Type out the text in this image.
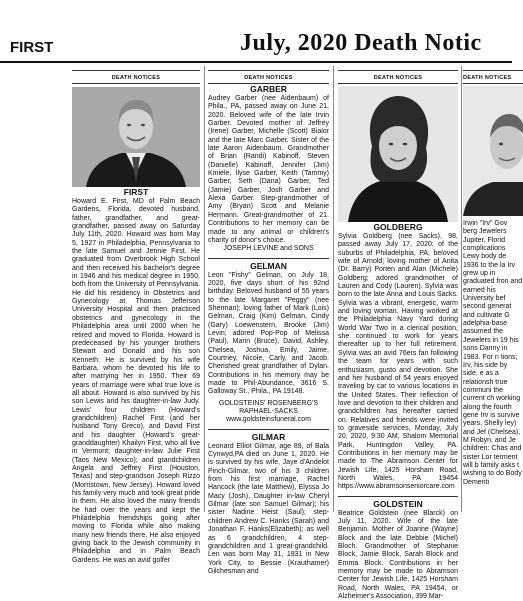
FIRST	July, 2020 Death Notic
DEATH NOTICES
FIRST

Howard E. First, MD of Palm Beach Gardens, Florida, devoted husband, father, grandfather, and great-grandfather, passed away on Saturday July 11th, 2020. Howard was born May 5, 1927 in Philadelphia, Pennsylvania to the late Samuel and Jennie First. He graduated from Overbrook High School and then received his bachelor's degree in 1946 and his medical degree in 1950, both from the University of Pennsylvania. He did his residency in Obstetrics and Gynecology at Thomas Jefferson University Hospital and then practiced obstetrics and gynecology in the Philadelphia area until 2000 when he retired and moved to Florida. Howard is predeceased by his younger brothers Stewart and Donald and his son Kenneth. He is survived by his wife Barbara, whom he devoted his life to after marrying her in 1950. Their 69 years of marriage were what true love is all about. Howard is also survived by his son Lewis and his daughter-in-law Judy. Lewis' four children (Howard's grandchildren) Rachel First (and her husband Tony Greco), and David First and his daughter (Howard's great-granddaughter) Khailyn First, who all live in Vermont; daughter-in-law Julie First (Taos New Mexico); and grandchildren Angela and Jeffrey First (Houston, Texas) and step-grandson Joseph Rizzo (Morristown, New Jersey). Howard loved his family very much and took great pride in them. He also loved the many friends he had over the years and kept the Philadelphia friendships going after moving to Florida while also making many new friends there. He also enjoyed giving back to the Jewish community in Philadelphia and in Palm Beach Gardens. He was an avid golfer

DEATH NOTICES
GARBER

Audrey Garber (nee Aidenbaum) of Phila., PA, passed away on June 21, 2020. Beloved wife of the late Irvin Garber. Devoted mother of Jeffrey (Irene) Garber, Michelle (Scott) Bialor and the late Marc Garber. Sister of the late Aaron Aidenbaum. Grandmother of Brian (Randi) Kabinoff, Steven (Danielle) Kabinoff, Jennifer (Jim) Kmiele, Ilyse Garber, Keith (Tammy) Garber, Seth (Dana) Garber, Ted (Jamie) Garber, Josh Garber and Alexa Garber. Step-grandmother of Amy (Bryan) Scott and Melanie Hermann. Great-grandmother of 21. Contributions to her memory can be made to any animal or children's charity of donor's choice.

JOSEPH LEVINE and SONS

GELMAN

Leon "Fishy" Gelman, on July 18, 2020, five days short of his 92nd birthday. Beloved husband of 55 years to the late Margaret "Peggy" (nee Sherman); loving father of Mark (Lois) Gelman, Craig (Kim) Gelman, Cindy (Gary) Loewenstern, Brooke (Jim) Levin; adored Pop-Pop of Melissa (Paul), Marin (Bruce), David, Ashley, Chelsea, Joshua, Emily, Jaime, Courtney, Nicole, Carly, and Jacob. Cherished great grandfather of Dylan. Contributions in his memory may be made to Phil-Abundance, 3616 S. Galloway St., Phila., PA 19148.

GOLDSTEINS' ROSENBERG'S
RAPHAEL-SACKS
www.goldsteinsfuneral.com

GILMAR

Leonard Elliot Gilmar, age 89, of Bala Cynwyd,PA died on June 1, 2020. He is survived by his wife, Jaye d'Andelot Pinch-Gilmar, two of his 3 children from his first marriage, Rachel Hancock (the late Matthew), Elyssa Jo Macy (Josh), Daughter in-law Cheryl Gilmar (late son Samuel Gilmar); his sister Nadine Heist (Saul); step-children Andrew C. Hanks (Sarah) and Jonathan F. Hanks(Elizabeth); as well as 6 grandchildren, 4 step-grandchildren and 1 great-grandchild. Len was born May 31, 1931 in New York City, to Bessie (Krauthamer) Gilchesman and

DEATH NOTICES
GOLDBERG

Sylvia Goldberg (nee Sacks), 98, passed away July 17, 2020; of the suburbs of Philadelphia, PA; beloved wife of Arnold; loving mother of Anita (Dr. Barry) Porten and Alan (Michele) Goldberg; adored grandmother of Lauren and Cody (Lauren). Sylvia was born to the late Anna and Louis Sacks. Sylvia was a vibrant, energetic, warm and loving woman. Having worked at the Philadelphia Navy Yard during World War Two in a clerical position, she continued to work for years thereafter up to her full retirement. Sylvia was an avid 76ers fan following the team for years with such enthusiasm, gusto and devotion. She and her husband of 54 years enjoyed traveling by car to various locations in the United States. Their reflection of love and devotion to their children and grandchildren has hereafter carried on. Relatives and friends were invited to graveside services, Monday, July 20, 2020, 9:30 AM, Shalom Memorial Park, Huntingdon Valley, PA. Contributions in her memory may be made to The Abramson Center for Jewish Life, 1425 Horsham Road, North Wales, PA 19454 https://www.abramsonseniorcare.com

GOLDSTEIN

Beatrice Goldstein (nee Blarck) on July 11, 2020. Wife of the late Benjamin. Mother of Joanne (Wayne) Block and the late Debbie (Michel) Bloch. Grandmother of Stephanie Block, Jamie Block, Sarah Block and Emma Block. Contributions in her memory may be made to Abramson Center for Jewish Life, 1425 Horsham Road, North Wales, PA 19454, or Alzheimer's Association, 399 Mar-

DEATH NOTICES

Irwin "Irv" Gov berg Jewelers Jupiter, Florid complications Lewy body de 1936 to the la Irv grew up in graduated fron and earned his University bef second generat and cultivate G adelphia-base assumed the Jewelers in 19 his sons Danny in 1983. For n tions; Irv, his side by side, e as a relationsh true communi the current ch working along the fourth gene Irv is survive years, Shelly ley) and Jef (Chelsea), M Robyn, and Je children: Chas and sister Lor terment will b family asks t wishing to do Body Dementi
